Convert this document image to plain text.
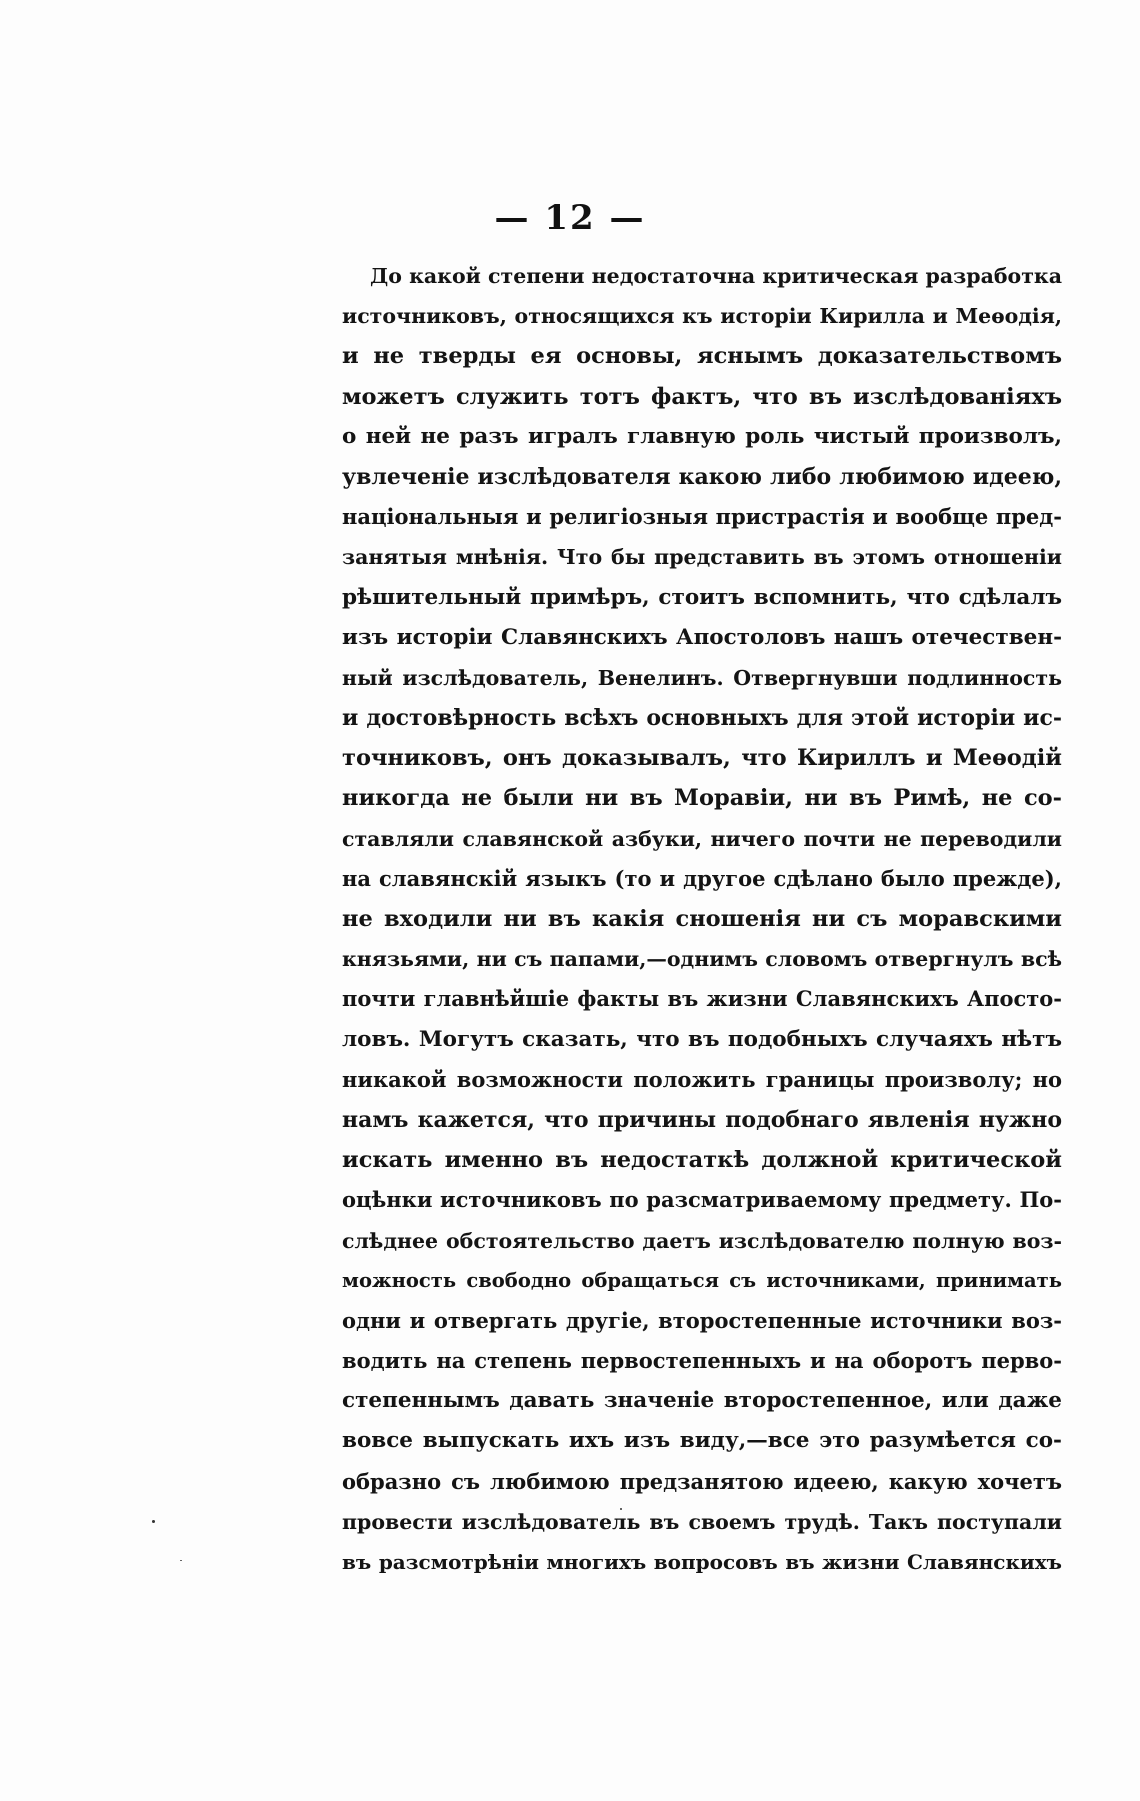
— 12 —
До какой степени недостаточна критическая разработка
источниковъ, относящихся къ исторіи Кирилла и Меѳодія,
и не тверды ея основы, яснымъ доказательствомъ
можетъ служить тотъ фактъ, что въ изслѣдованіяхъ
о ней не разъ игралъ главную роль чистый произволъ,
увлеченіе изслѣдователя какою либо любимою идеею,
національныя и религіозныя пристрастія и вообще пред-
занятыя мнѣнія. Что бы представить въ этомъ отношеніи
рѣшительный примѣръ, стоитъ вспомнить, что сдѣлалъ
изъ исторіи Славянскихъ Апостоловъ нашъ отечествен-
ный изслѣдователь, Венелинъ. Отвергнувши подлинность
и достовѣрность всѣхъ основныхъ для этой исторіи ис-
точниковъ, онъ доказывалъ, что Кириллъ и Меѳодій
никогда не были ни въ Моравіи, ни въ Римѣ, не со-
ставляли славянской азбуки, ничего почти не переводили
на славянскій языкъ (то и другое сдѣлано было прежде),
не входили ни въ какія сношенія ни съ моравскими
князьями, ни съ папами,—однимъ словомъ отвергнулъ всѣ
почти главнѣйшіе факты въ жизни Славянскихъ Апосто-
ловъ. Могутъ сказать, что въ подобныхъ случаяхъ нѣтъ
никакой возможности положить границы произволу; но
намъ кажется, что причины подобнаго явленія нужно
искать именно въ недостаткѣ должной критической
оцѣнки источниковъ по разсматриваемому предмету. По-
слѣднее обстоятельство даетъ изслѣдователю полную воз-
можность свободно обращаться съ источниками, принимать
одни и отвергать другіе, второстепенные источники воз-
водить на степень первостепенныхъ и на оборотъ перво-
степеннымъ давать значеніе второстепенное, или даже
вовсе выпускать ихъ изъ виду,—все это разумѣется со-
образно съ любимою предзанятою идеею, какую хочетъ
провести изслѣдователь въ своемъ трудѣ. Такъ поступали
въ разсмотрѣніи многихъ вопросовъ въ жизни Славянскихъ
